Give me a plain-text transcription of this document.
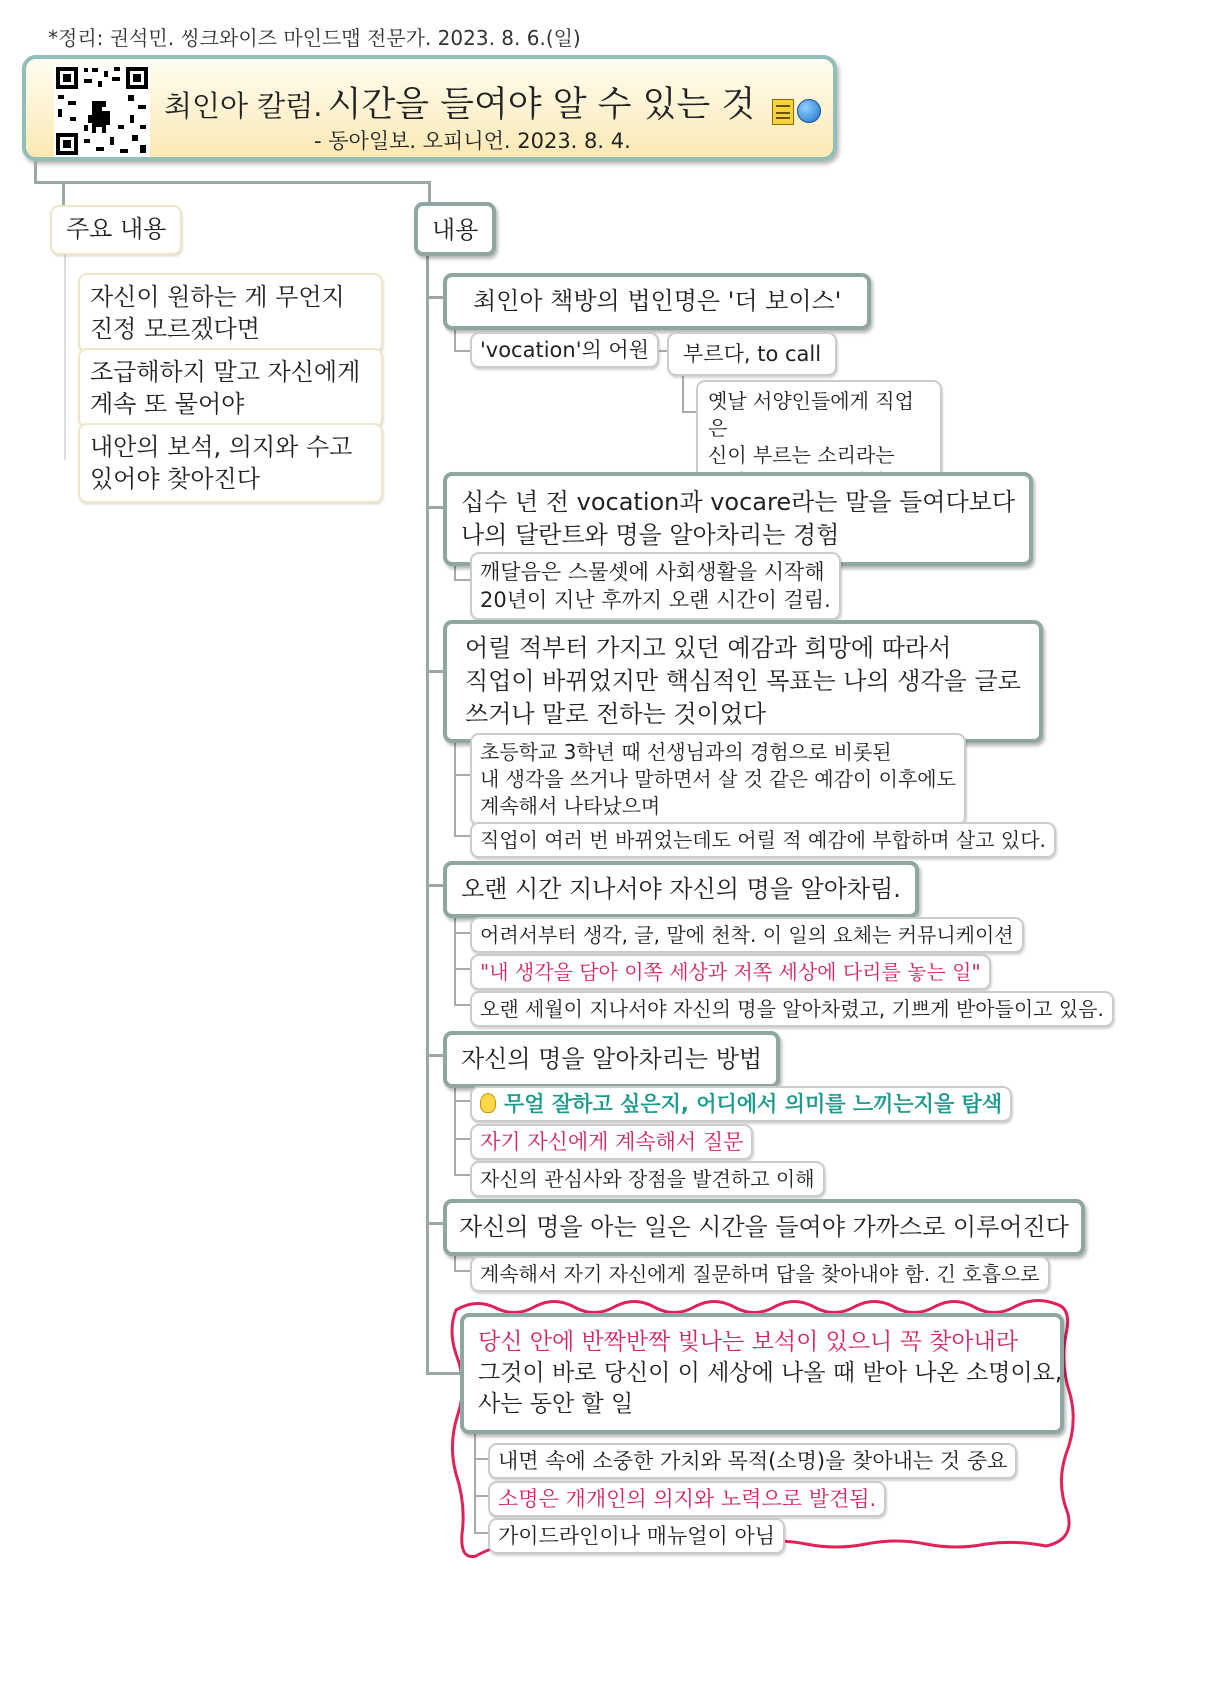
*정리: 권석민. 씽크와이즈 마인드맵 전문가. 2023. 8. 6.(일)
최인아 칼럼. 시간을 들여야 알 수 있는 것
- 동아일보. 오피니언. 2023. 8. 4.
주요 내용
자신이 원하는 게 무언지
진정 모르겠다면
조급해하지 말고 자신에게
계속 또 물어야
내안의 보석, 의지와 수고
있어야 찾아진다
내용
최인아 책방의 법인명은 '더 보이스'
'vocation'의 어원	부르다, to call
옛날 서양인들에게 직업은
신이 부르는 소리라는
십수 년 전 vocation과 vocare라는 말을 들여다보다
나의 달란트와 명을 알아차리는 경험
깨달음은 스물셋에 사회생활을 시작해
20년이 지난 후까지 오랜 시간이 걸림.
어릴 적부터 가지고 있던 예감과 희망에 따라서
직업이 바뀌었지만 핵심적인 목표는 나의 생각을 글로
쓰거나 말로 전하는 것이었다
초등학교 3학년 때 선생님과의 경험으로 비롯된
내 생각을 쓰거나 말하면서 살 것 같은 예감이 이후에도
계속해서 나타났으며
직업이 여러 번 바뀌었는데도 어릴 적 예감에 부합하며 살고 있다.
오랜 시간 지나서야 자신의 명을 알아차림.
어려서부터 생각, 글, 말에 천착. 이 일의 요체는 커뮤니케이션
"내 생각을 담아 이쪽 세상과 저쪽 세상에 다리를 놓는 일"
오랜 세월이 지나서야 자신의 명을 알아차렸고, 기쁘게 받아들이고 있음.
자신의 명을 알아차리는 방법
무얼 잘하고 싶은지, 어디에서 의미를 느끼는지을 탐색
자기 자신에게 계속해서 질문
자신의 관심사와 장점을 발견하고 이해
자신의 명을 아는 일은 시간을 들여야 가까스로 이루어진다
계속해서 자기 자신에게 질문하며 답을 찾아내야 함. 긴 호흡으로
당신 안에 반짝반짝 빛나는 보석이 있으니 꼭 찾아내라
그것이 바로 당신이 이 세상에 나올 때 받아 나온 소명이요,
사는 동안 할 일
내면 속에 소중한 가치와 목적(소명)을 찾아내는 것 중요
소명은 개개인의 의지와 노력으로 발견됨.
가이드라인이나 매뉴얼이 아님
